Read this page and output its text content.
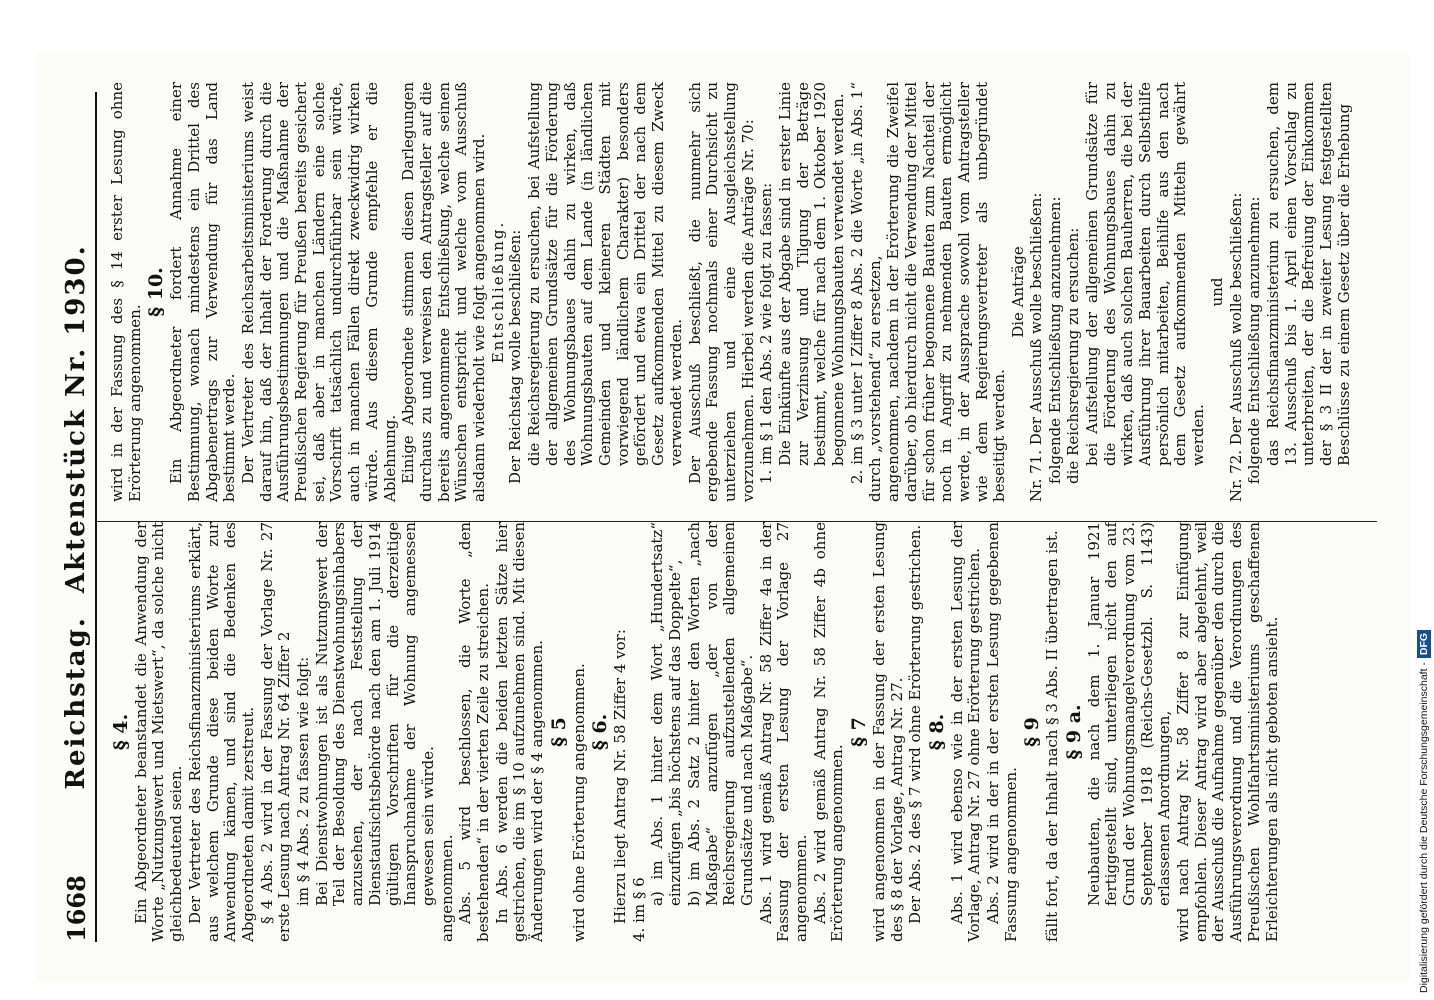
1668
Reichstag. Aktenstück Nr. 1930.
§ 4. Ein Abgeordneter beanstandet die Anwendung der Worte „Nutzungswert und Mietswert“, da solche nicht gleichbedeutend seien. Der Vertreter des Reichsfinanzministeriums erklärt, aus welchem Grunde diese beiden Worte zur Anwendung kämen, und sind die Bedenken des Abgeordneten damit zerstreut. § 4 Abs. 2 wird in der Fassung der Vorlage Nr. 27 erste Lesung nach Antrag Nr. 64 Ziffer 2 im § 4 Abs. 2 zu fassen wie folgt: Bei Dienstwohnungen ist als Nutzungswert der Teil der Besoldung des Dienstwohnungsinhabers anzusehen, der nach Feststellung der Dienstaufsichtsbehörde nach den am 1. Juli 1914 gültigen Vorschriften für die derzeitige Inanspruchnahme der Wohnung angemessen gewesen sein würde. angenommen. Abs. 5 wird beschlossen, die Worte „den bestehenden“ in der vierten Zeile zu streichen. In Abs. 6 werden die beiden letzten Sätze hier gestrichen, die im § 10 aufzunehmen sind. Mit diesen Änderungen wird der § 4 angenommen. § 5 wird ohne Erörterung angenommen. § 6. Hierzu liegt Antrag Nr. 58 Ziffer 4 vor: 4. im § 6

a) im Abs. 1 hinter dem Wort „Hundertsatz“ einzufügen „bis höchstens auf das Doppelte“, b) im Abs. 2 Satz 2 hinter den Worten „nach Maßgabe“ anzufügen „der von der Reichsregierung aufzustellenden allgemeinen Grundsätze und nach Maßgabe“. Abs. 1 wird gemäß Antrag Nr. 58 Ziffer 4a in der Fassung der ersten Lesung der Vorlage 27 angenommen. Abs. 2 wird gemäß Antrag Nr. 58 Ziffer 4b ohne Erörterung angenommen.

§ 7 wird angenommen in der Fassung der ersten Lesung des § 8 der Vorlage, Antrag Nr. 27. Der Abs. 2 des § 7 wird ohne Erörterung gestrichen. § 8. Abs. 1 wird ebenso wie in der ersten Lesung der Vorlage, Antrag Nr. 27 ohne Erörterung gestrichen. Abs. 2 wird in der in der ersten Lesung gegebenen Fassung angenommen.

§ 9 fällt fort, da der Inhalt nach § 3 Abs. II übertragen ist. § 9 a. Neubauten, die nach dem 1. Januar 1921 fertiggestellt sind, unterliegen nicht den auf Grund der Wohnungsmangelverordnung vom 23. September 1918 (Reichs-Gesetzbl. S. 1143) erlassenen Anordnungen, wird nach Antrag Nr. 58 Ziffer 8 zur Einfügung empfohlen. Dieser Antrag wird aber abgelehnt, weil der Ausschuß die Aufnahme gegenüber den durch die Ausführungsverordnung und die Verordnungen des Preußischen Wohlfahrtsministeriums geschaffenen Erleichterungen als nicht geboten ansieht.

wird in der Fassung des § 14 erster Lesung ohne Erörterung angenommen.

§ 10. Ein Abgeordneter fordert Annahme einer Bestimmung, wonach mindestens ein Drittel des Abgabenertrags zur Verwendung für das Land bestimmt werde. Der Vertreter des Reichsarbeitsministeriums weist darauf hin, daß der Inhalt der Forderung durch die Ausführungsbestimmungen und die Maßnahme der Preußischen Regierung für Preußen bereits gesichert sei, daß aber in manchen Ländern eine solche Vorschrift tatsächlich undurchführbar sein würde, auch in manchen Fällen direkt zweckwidrig wirken würde. Aus diesem Grunde empfehle er die Ablehnung. Einige Abgeordnete stimmen diesen Darlegungen durchaus zu und verweisen den Antragsteller auf die bereits angenommene Entschließung, welche seinen Wünschen entspricht und welche vom Ausschuß alsdann wiederholt wie folgt angenommen wird. Entschließung. Der Reichstag wolle beschließen: die Reichsregierung zu ersuchen, bei Aufstellung der allgemeinen Grundsätze für die Förderung des Wohnungsbaues dahin zu wirken, daß Wohnungsbauten auf dem Lande (in ländlichen Gemeinden und kleineren Städten mit vorwiegend ländlichem Charakter) besonders gefördert und etwa ein Drittel der nach dem Gesetz aufkommenden Mittel zu diesem Zweck verwendet werden. Der Ausschuß beschließt, die nunmehr sich ergebende Fassung nochmals einer Durchsicht zu unterziehen und eine Ausgleichsstellung vorzunehmen. Hierbei werden die Anträge Nr. 70: 1. im § 1 den Abs. 2 wie folgt zu fassen: Die Einkünfte aus der Abgabe sind in erster Linie zur Verzinsung und Tilgung der Beträge bestimmt, welche für nach dem 1. Oktober 1920 begonnene Wohnungsbauten verwendet werden. 2. im § 3 unter I Ziffer 8 Abs. 2 die Worte „in Abs. 1“ durch „vorstehend“ zu ersetzen, angenommen, nachdem in der Erörterung die Zweifel darüber, ob hierdurch nicht die Verwendung der Mittel für schon früher begonnene Bauten zum Nachteil der noch in Angriff zu nehmenden Bauten ermöglicht werde, in der Aussprache sowohl vom Antragsteller wie dem Regierungsvertreter als unbegründet beseitigt werden.

Die Anträge Nr. 71. Der Ausschuß wolle beschließen: folgende Entschließung anzunehmen: die Reichsregierung zu ersuchen: bei Aufstellung der allgemeinen Grundsätze für die Förderung des Wohnungsbaues dahin zu wirken, daß auch solchen Bauherren, die bei der Ausführung ihrer Bauarbeiten durch Selbsthilfe persönlich mitarbeiten, Beihilfe aus den nach dem Gesetz aufkommenden Mitteln gewährt werden.

und Nr. 72. Der Ausschuß wolle beschließen: folgende Entschließung anzunehmen: das Reichsfinanzministerium zu ersuchen, dem 13. Ausschuß bis 1. April einen Vorschlag zu unterbreiten, der die Befreiung der Einkommen der § 3 II der in zweiter Lesung festgestellten Beschlüsse zu einem Gesetz über die Erhebung

Digitalisierung gefördert durch die Deutsche Forschungsgemeinschaft -DFG
